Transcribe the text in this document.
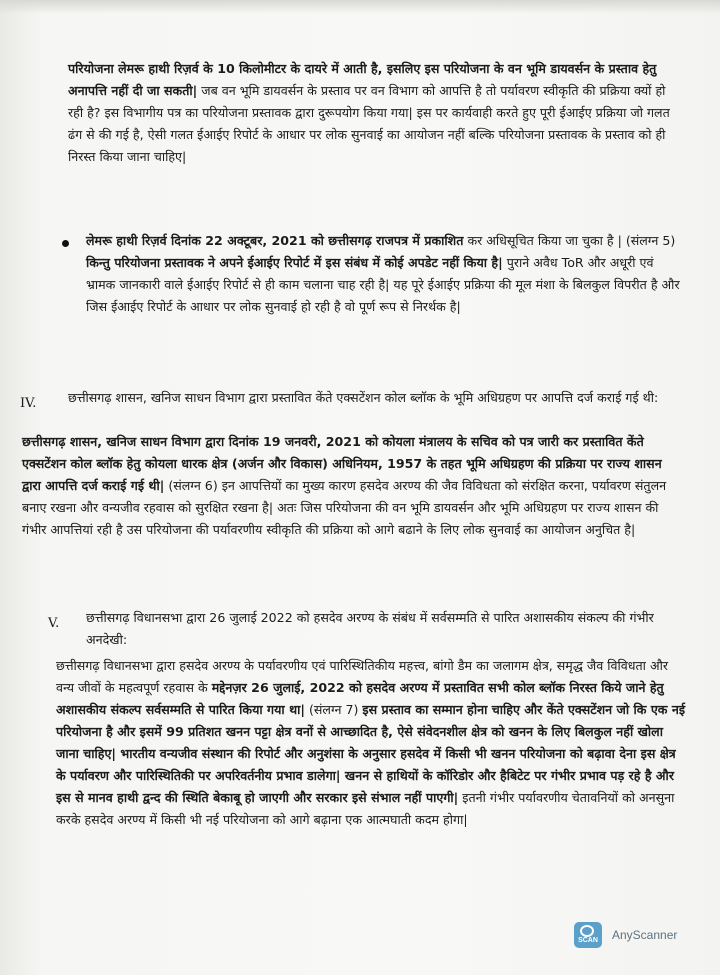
परियोजना लेमरू हाथी रिज़र्व के 10 किलोमीटर के दायरे में आती है, इसलिए इस परियोजना के वन भूमि डायवर्सन के प्रस्ताव हेतु अनापत्ति नहीं दी जा सकती| जब वन भूमि डायवर्सन के प्रस्ताव पर वन विभाग को आपत्ति है तो पर्यावरण स्वीकृति की प्रक्रिया क्यों हो रही है? इस विभागीय पत्र का परियोजना प्रस्तावक द्वारा दुरूपयोग किया गया| इस पर कार्यवाही करते हुए पूरी ईआईए प्रक्रिया जो गलत ढंग से की गई है, ऐसी गलत ईआईए रिपोर्ट के आधार पर लोक सुनवाई का आयोजन नहीं बल्कि परियोजना प्रस्तावक के प्रस्ताव को ही निरस्त किया जाना चाहिए|
लेमरू हाथी रिज़र्व दिनांक 22 अक्टूबर, 2021 को छत्तीसगढ़ राजपत्र में प्रकाशित कर अधिसूचित किया जा चुका है | (संलग्न 5) किन्तु परियोजना प्रस्तावक ने अपने ईआईए रिपोर्ट में इस संबंध में कोई अपडेट नहीं किया है| पुराने अवैध ToR और अधूरी एवं भ्रामक जानकारी वाले ईआईए रिपोर्ट से ही काम चलाना चाह रही है| यह पूरे ईआईए प्रक्रिया की मूल मंशा के बिलकुल विपरीत है और जिस ईआईए रिपोर्ट के आधार पर लोक सुनवाई हो रही है वो पूर्ण रूप से निरर्थक है|
IV.	छत्तीसगढ़ शासन, खनिज साधन विभाग द्वारा प्रस्तावित केंते एक्सटेंशन कोल ब्लॉक के भूमि अधिग्रहण पर आपत्ति दर्ज कराई गई थी:
छत्तीसगढ़ शासन, खनिज साधन विभाग द्वारा दिनांक 19 जनवरी, 2021 को कोयला मंत्रालय के सचिव को पत्र जारी कर प्रस्तावित केंते एक्सटेंशन कोल ब्लॉक हेतु कोयला धारक क्षेत्र (अर्जन और विकास) अधिनियम, 1957 के तहत भूमि अधिग्रहण की प्रक्रिया पर राज्य शासन द्वारा आपत्ति दर्ज कराई गई थी| (संलग्न 6) इन आपत्तियों का मुख्य कारण हसदेव अरण्य की जैव विविधता को संरक्षित करना, पर्यावरण संतुलन बनाए रखना और वन्यजीव रहवास को सुरक्षित रखना है| अतः जिस परियोजना की वन भूमि डायवर्सन और भूमि अधिग्रहण पर राज्य शासन की गंभीर आपत्तियां रही है उस परियोजना की पर्यावरणीय स्वीकृति की प्रक्रिया को आगे बढाने के लिए लोक सुनवाई का आयोजन अनुचित है|
V. छत्तीसगढ़ विधानसभा द्वारा 26 जुलाई 2022 को हसदेव अरण्य के संबंध में सर्वसम्मति से पारित अशासकीय संकल्प की गंभीर अनदेखी:
छत्तीसगढ़ विधानसभा द्वारा हसदेव अरण्य के पर्यावरणीय एवं पारिस्थितिकीय महत्त्व, बांगो डैम का जलागम क्षेत्र, समृद्ध जैव विविधता और वन्य जीवों के महत्वपूर्ण रहवास के मद्देनज़र 26 जुलाई, 2022 को हसदेव अरण्य में प्रस्तावित सभी कोल ब्लॉक निरस्त किये जाने हेतु अशासकीय संकल्प सर्वसम्मति से पारित किया गया था| (संलग्न 7) इस प्रस्ताव का सम्मान होना चाहिए और केंते एक्सटेंशन जो कि एक नई परियोजना है और इसमें 99 प्रतिशत खनन पट्टा क्षेत्र वनों से आच्छादित है, ऐसे संवेदनशील क्षेत्र को खनन के लिए बिलकुल नहीं खोला जाना चाहिए| भारतीय वन्यजीव संस्थान की रिपोर्ट और अनुशंसा के अनुसार हसदेव में किसी भी खनन परियोजना को बढ़ावा देना इस क्षेत्र के पर्यावरण और पारिस्थितिकी पर अपरिवर्तनीय प्रभाव डालेगा| खनन से हाथियों के कॉरिडोर और हैबिटेट पर गंभीर प्रभाव पड़ रहे है और इस से मानव हाथी द्वन्द की स्थिति बेकाबू हो जाएगी और सरकार इसे संभाल नहीं पाएगी| इतनी गंभीर पर्यावरणीय चेतावनियों को अनसुना करके हसदेव अरण्य में किसी भी नई परियोजना को आगे बढ़ाना एक आत्मघाती कदम होगा|
SCAN	AnyScanner
